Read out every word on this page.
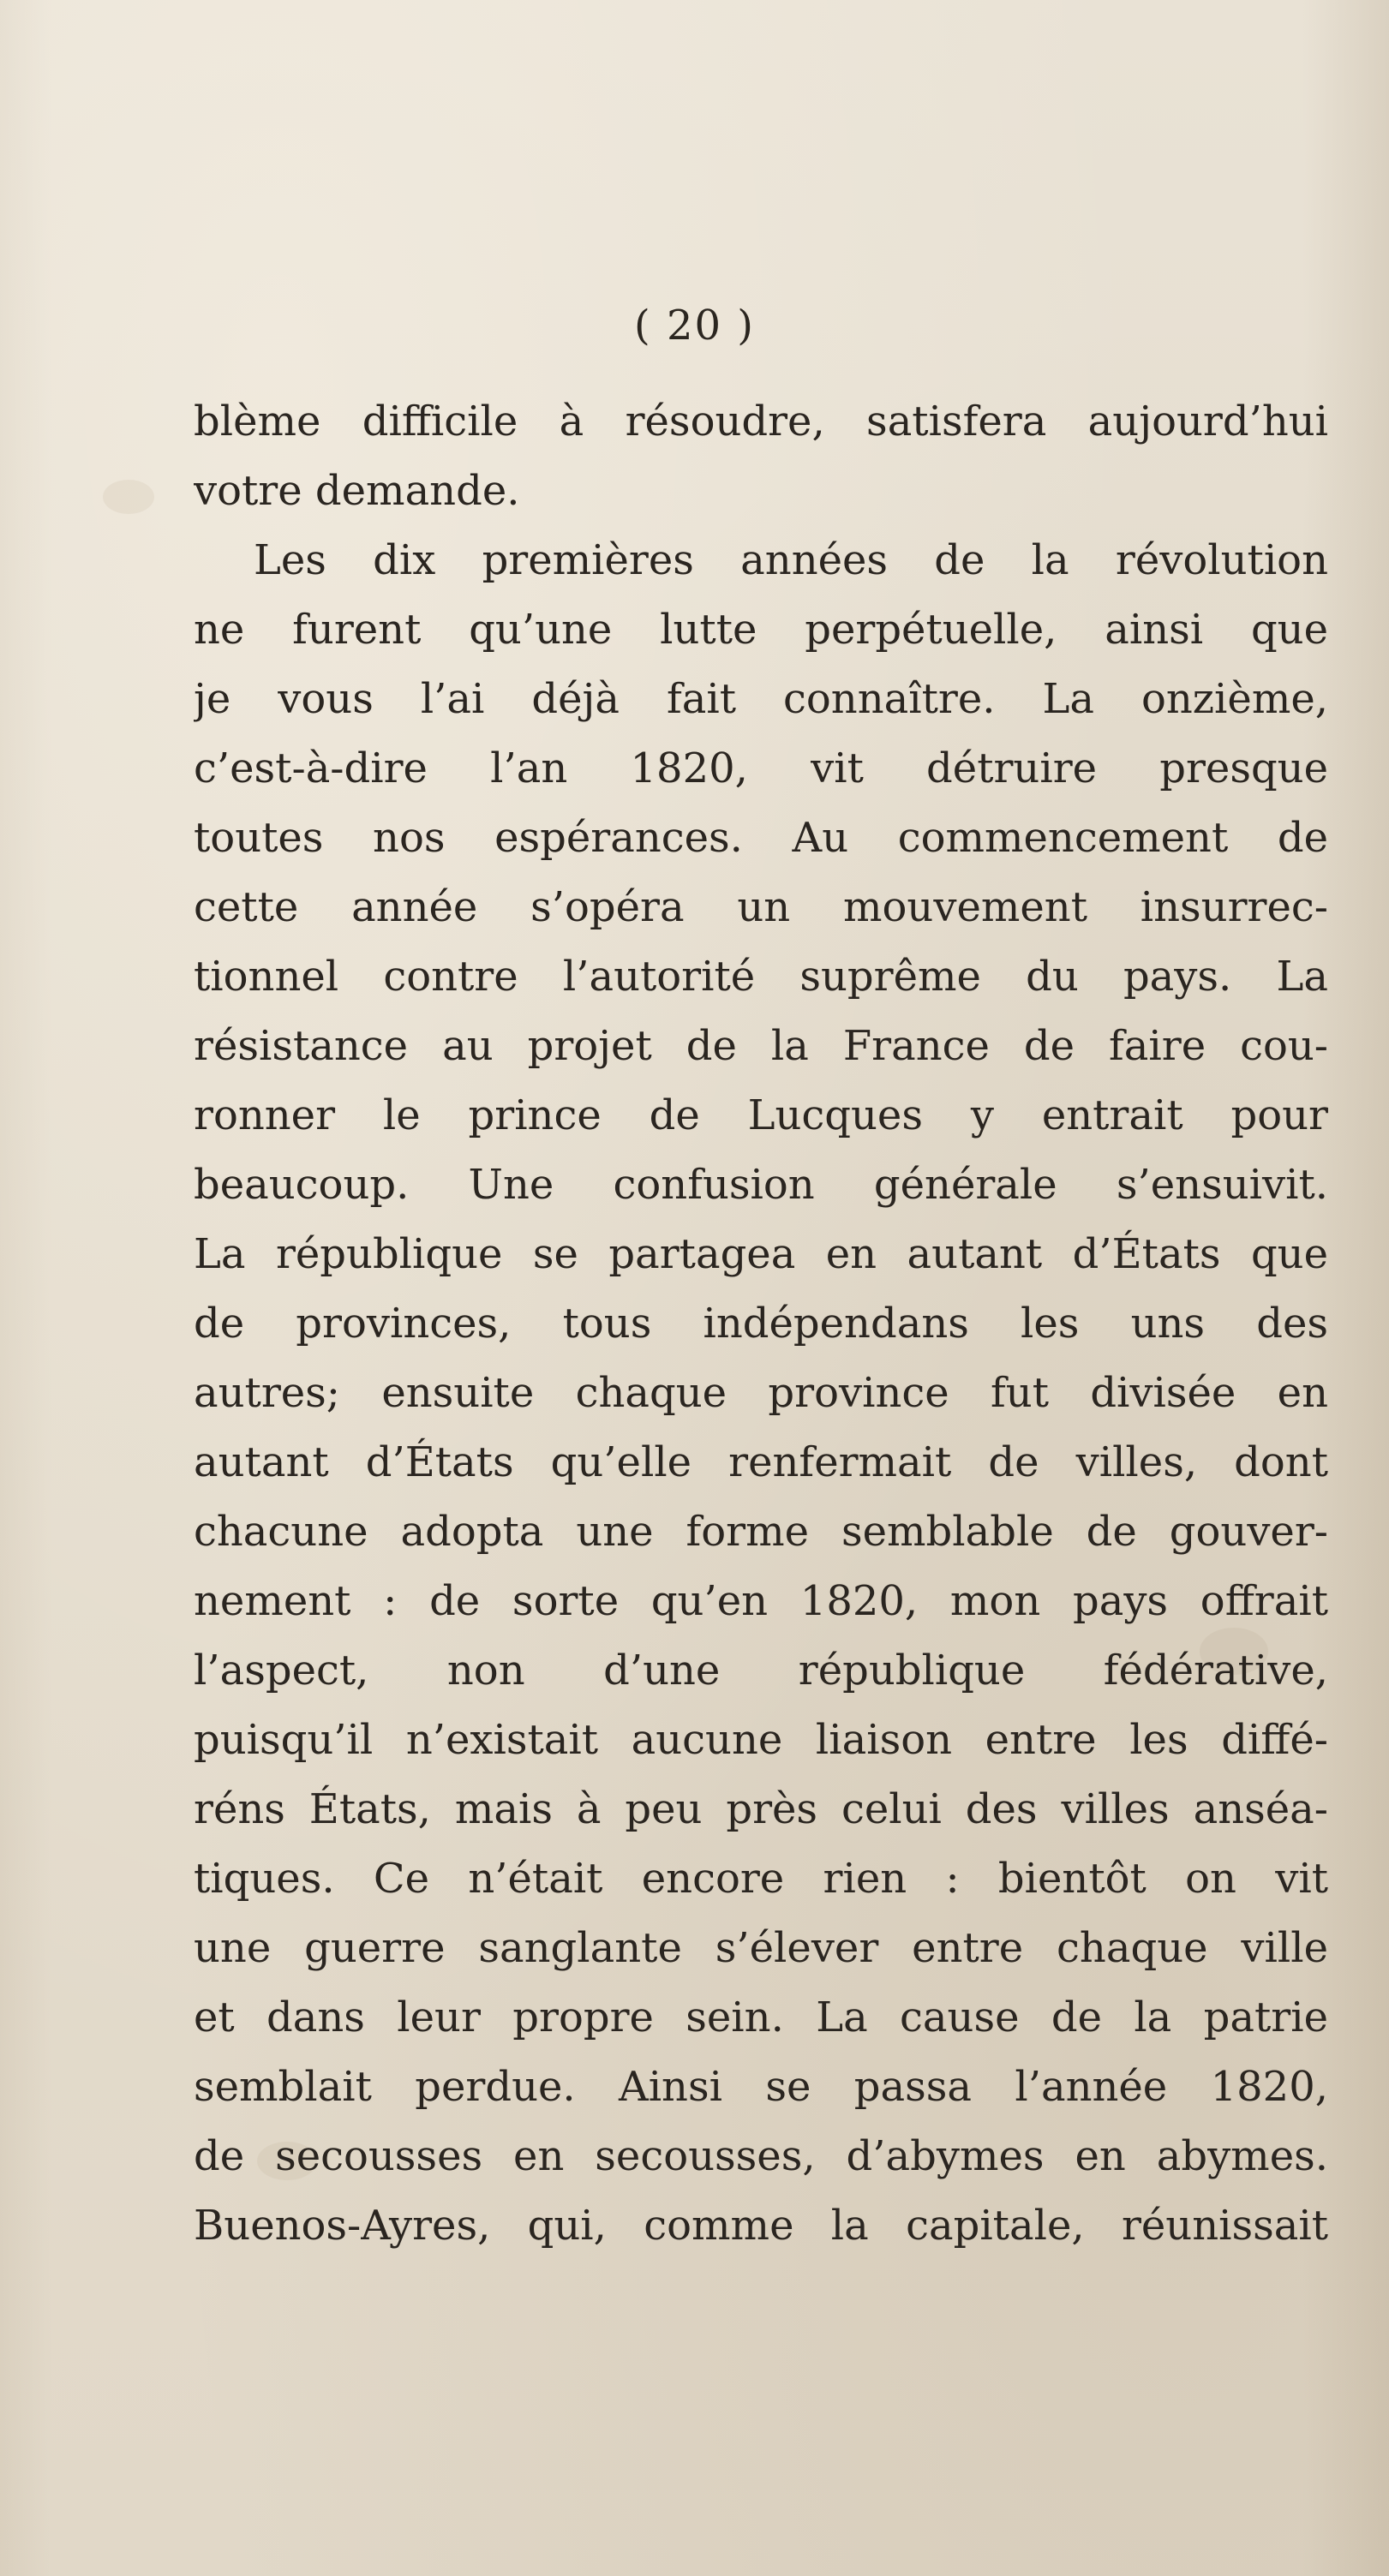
( 20 )
blème difficile à résoudre, satisfera aujourd’hui
votre demande.
Les dix premières années de la révolution
ne furent qu’une lutte perpétuelle, ainsi que
je vous l’ai déjà fait connaître. La onzième,
c’est-à-dire l’an 1820, vit détruire presque
toutes nos espérances. Au commencement de
cette année s’opéra un mouvement insurrec-
tionnel contre l’autorité suprême du pays. La
résistance au projet de la France de faire cou-
ronner le prince de Lucques y entrait pour
beaucoup. Une confusion générale s’ensuivit.
La république se partagea en autant d’États que
de provinces, tous indépendans les uns des
autres; ensuite chaque province fut divisée en
autant d’États qu’elle renfermait de villes, dont
chacune adopta une forme semblable de gouver-
nement : de sorte qu’en 1820, mon pays offrait
l’aspect, non d’une république fédérative,
puisqu’il n’existait aucune liaison entre les diffé-
réns États, mais à peu près celui des villes anséa-
tiques. Ce n’était encore rien : bientôt on vit
une guerre sanglante s’élever entre chaque ville
et dans leur propre sein. La cause de la patrie
semblait perdue. Ainsi se passa l’année 1820,
de secousses en secousses, d’abymes en abymes.
Buenos-Ayres, qui, comme la capitale, réunissait
